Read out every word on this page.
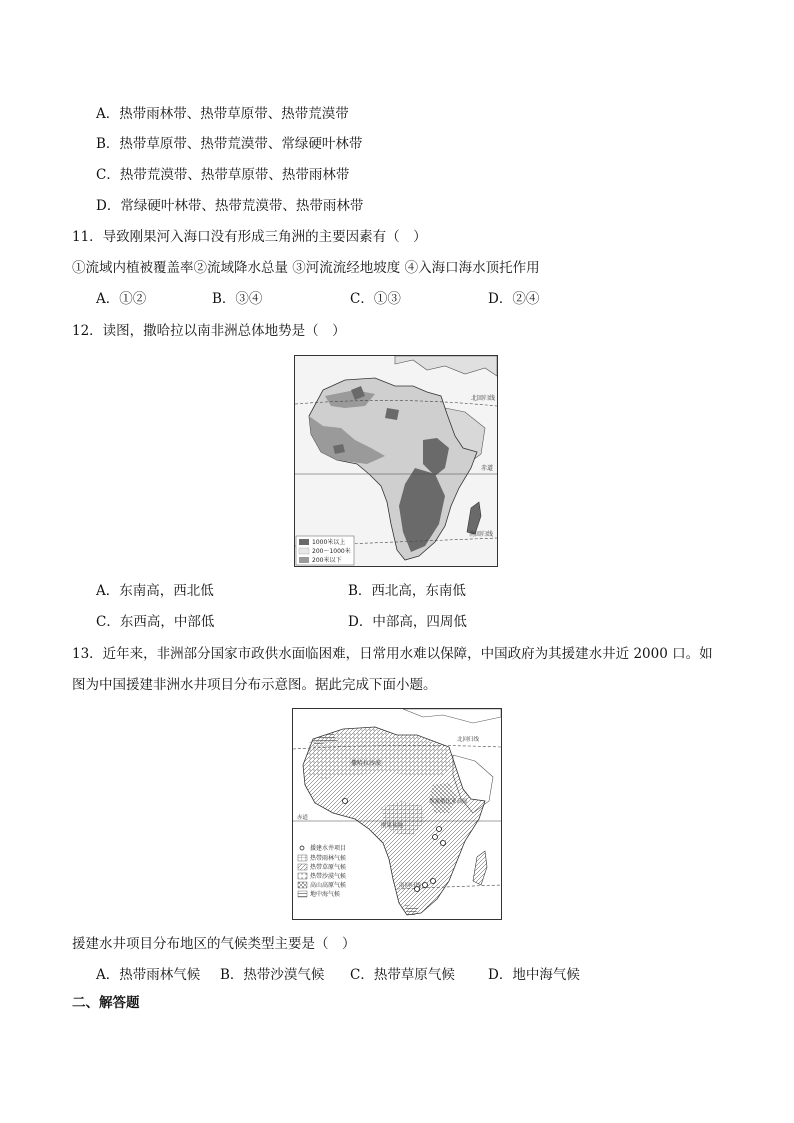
A．热带雨林带、热带草原带、热带荒漠带
B．热带草原带、热带荒漠带、常绿硬叶林带
C．热带荒漠带、热带草原带、热带雨林带
D．常绿硬叶林带、热带荒漠带、热带雨林带
11．导致刚果河入海口没有形成三角洲的主要因素有（　）
①流域内植被覆盖率②流域降水总量 ③河流流经地坡度 ④入海口海水顶托作用
A．①②	B．③④	C．①③	D．②④
12．读图，撒哈拉以南非洲总体地势是（　）
北回归线
赤道
南回归线
1000米以上
200～1000米
200米以下
A．东南高，西北低	B．西北高，东南低
C．东西高，中部低	D．中部高，四周低
13．近年来，非洲部分国家市政供水面临困难，日常用水难以保障，中国政府为其援建水井近 2000 口。如
图为中国援建非洲水井项目分布示意图。据此完成下面小题。
北回归线
撒哈拉沙漠
埃塞俄比亚高原
刚果盆地
赤道
南回归线
援建水井项目
热带雨林气候
热带草原气候
热带沙漠气候
高山高原气候
地中海气候
援建水井项目分布地区的气候类型主要是（　）
A．热带雨林气候 B．热带沙漠气候 C．热带草原气候 D．地中海气候
二、解答题
